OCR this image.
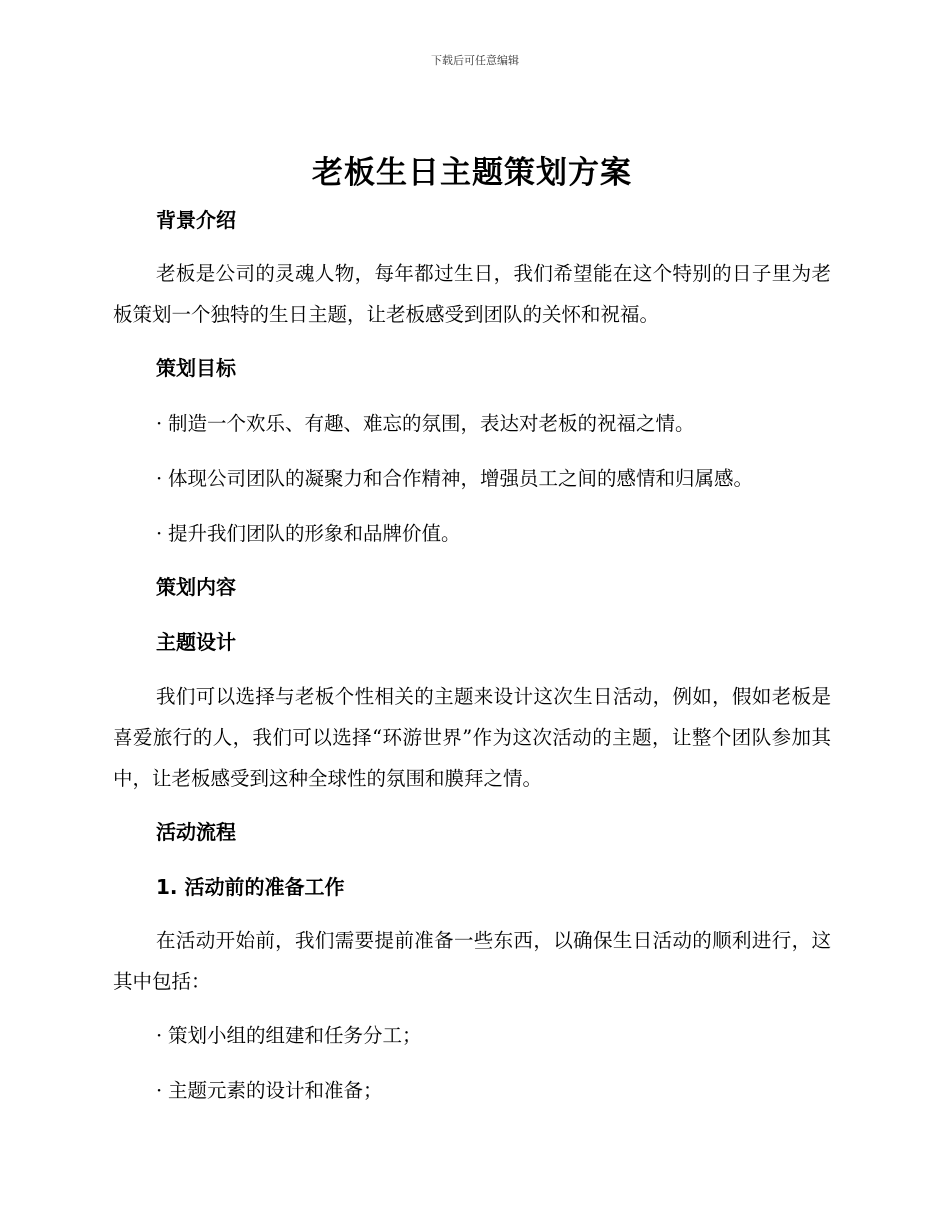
下载后可任意编辑
老板生日主题策划方案
背景介绍

老板是公司的灵魂人物，每年都过生日，我们希望能在这个特别的日子里为老板策划一个独特的生日主题，让老板感受到团队的关怀和祝福。

策划目标
· 制造一个欢乐、有趣、难忘的氛围，表达对老板的祝福之情。
· 体现公司团队的凝聚力和合作精神，增强员工之间的感情和归属感。
· 提升我们团队的形象和品牌价值。
策划内容
主题设计

我们可以选择与老板个性相关的主题来设计这次生日活动，例如，假如老板是喜爱旅行的人，我们可以选择“环游世界”作为这次活动的主题，让整个团队参加其中，让老板感受到这种全球性的氛围和膜拜之情。

活动流程
1. 活动前的准备工作

在活动开始前，我们需要提前准备一些东西，以确保生日活动的顺利进行，这其中包括：

· 策划小组的组建和任务分工；
· 主题元素的设计和准备；
